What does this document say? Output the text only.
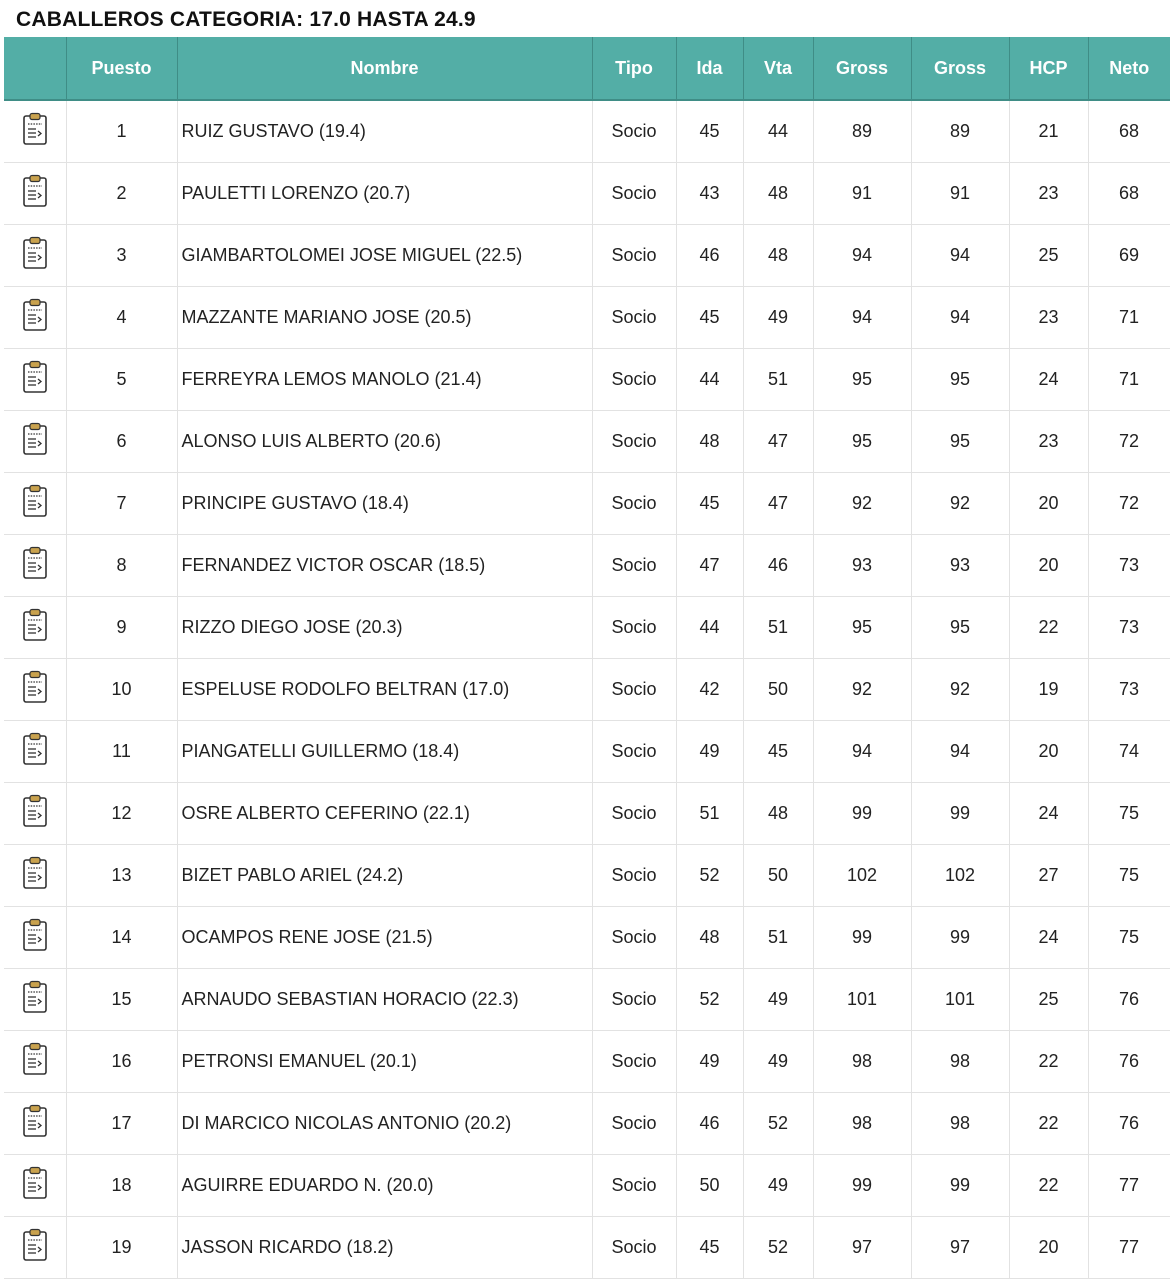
CABALLEROS CATEGORIA: 17.0 HASTA 24.9
	Puesto	Nombre	Tipo	Ida	Vta	Gross	Gross	HCP	Neto
	1	RUIZ GUSTAVO (19.4)	Socio	45	44	89	89	21	68
	2	PAULETTI LORENZO (20.7)	Socio	43	48	91	91	23	68
	3	GIAMBARTOLOMEI JOSE MIGUEL (22.5)	Socio	46	48	94	94	25	69
	4	MAZZANTE MARIANO JOSE (20.5)	Socio	45	49	94	94	23	71
	5	FERREYRA LEMOS MANOLO (21.4)	Socio	44	51	95	95	24	71
	6	ALONSO LUIS ALBERTO (20.6)	Socio	48	47	95	95	23	72
	7	PRINCIPE GUSTAVO (18.4)	Socio	45	47	92	92	20	72
	8	FERNANDEZ VICTOR OSCAR (18.5)	Socio	47	46	93	93	20	73
	9	RIZZO DIEGO JOSE (20.3)	Socio	44	51	95	95	22	73
	10	ESPELUSE RODOLFO BELTRAN (17.0)	Socio	42	50	92	92	19	73
	11	PIANGATELLI GUILLERMO (18.4)	Socio	49	45	94	94	20	74
	12	OSRE ALBERTO CEFERINO (22.1)	Socio	51	48	99	99	24	75
	13	BIZET PABLO ARIEL (24.2)	Socio	52	50	102	102	27	75
	14	OCAMPOS RENE JOSE (21.5)	Socio	48	51	99	99	24	75
	15	ARNAUDO SEBASTIAN HORACIO (22.3)	Socio	52	49	101	101	25	76
	16	PETRONSI EMANUEL (20.1)	Socio	49	49	98	98	22	76
	17	DI MARCICO NICOLAS ANTONIO (20.2)	Socio	46	52	98	98	22	76
	18	AGUIRRE EDUARDO N. (20.0)	Socio	50	49	99	99	22	77
	19	JASSON RICARDO (18.2)	Socio	45	52	97	97	20	77
